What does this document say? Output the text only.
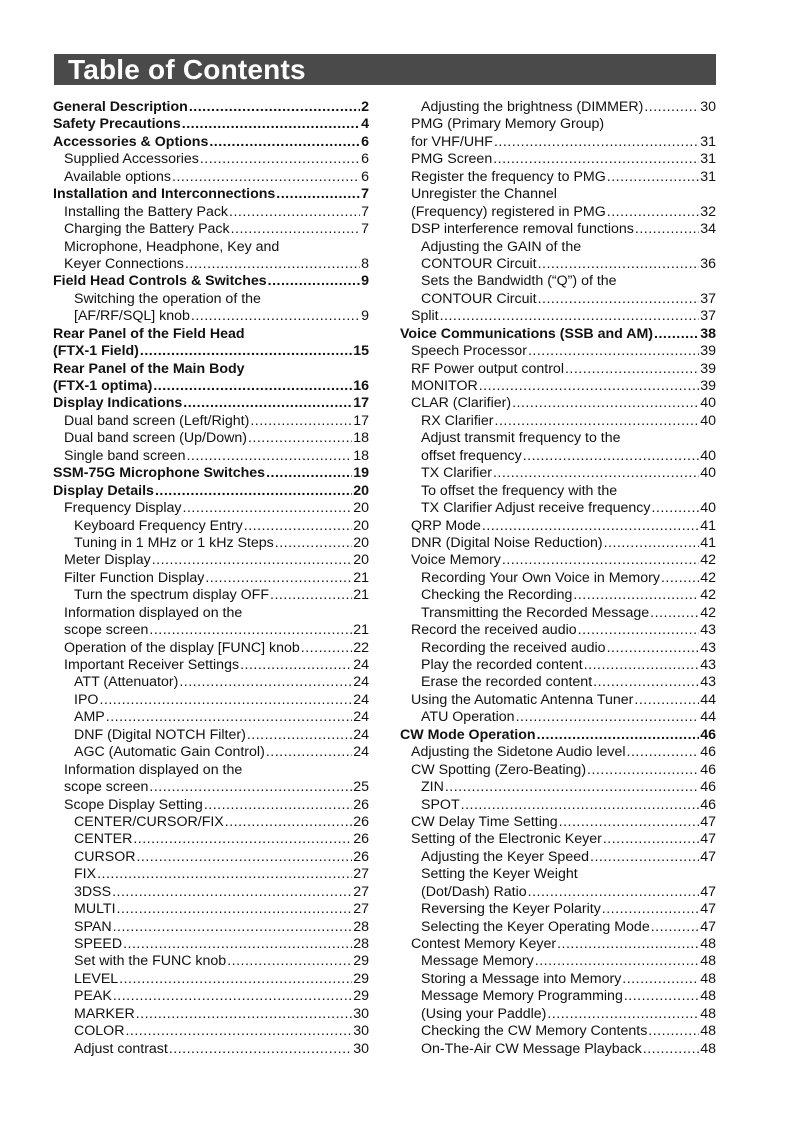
Table of Contents
General Description .....	2
Safety Precautions .....	4
Accessories & Options .....	6
Supplied Accessories .....	6
Available options .....	6
Installation and Interconnections .....	7
Installing the Battery Pack .....	7
Charging the Battery Pack .....	7
Microphone, Headphone, Key and
Keyer Connections .....	8
Field Head Controls & Switches .....	9
Switching the operation of the
[AF/RF/SQL] knob .....	9
Rear Panel of the Field Head
(FTX-1 Field) .....	15
Rear Panel of the Main Body
(FTX-1 optima) .....	16
Display Indications .....	17
Dual band screen (Left/Right) .....	17
Dual band screen (Up/Down) .....	18
Single band screen .....	18
SSM-75G Microphone Switches .....	19
Display Details .....	20
Frequency Display .....	20
Keyboard Frequency Entry .....	20
Tuning in 1 MHz or 1 kHz Steps .....	20
Meter Display .....	20
Filter Function Display .....	21
Turn the spectrum display OFF .....	21
Information displayed on the
scope screen .....	21
Operation of the display [FUNC] knob .....	22
Important Receiver Settings .....	24
ATT (Attenuator) .....	24
IPO .....	24
AMP .....	24
DNF (Digital NOTCH Filter) .....	24
AGC (Automatic Gain Control) .....	24
Information displayed on the
scope screen .....	25
Scope Display Setting .....	26
CENTER/CURSOR/FIX .....	26
CENTER .....	26
CURSOR .....	26
FIX .....	27
3DSS .....	27
MULTI .....	27
SPAN .....	28
SPEED .....	28
Set with the FUNC knob .....	29
LEVEL .....	29
PEAK .....	29
MARKER .....	30
COLOR .....	30
Adjust contrast .....	30
Adjusting the brightness (DIMMER) .....	30
PMG (Primary Memory Group)
for VHF/UHF .....	31
PMG Screen .....	31
Register the frequency to PMG .....	31
Unregister the Channel
(Frequency) registered in PMG .....	32
DSP interference removal functions .....	34
Adjusting the GAIN of the
CONTOUR Circuit .....	36
Sets the Bandwidth (“Q”) of the
CONTOUR Circuit .....	37
Split .....	37
Voice Communications (SSB and AM) .....	38
Speech Processor .....	39
RF Power output control .....	39
MONITOR .....	39
CLAR (Clarifier) .....	40
RX Clarifier .....	40
Adjust transmit frequency to the
offset frequency .....	40
TX Clarifier .....	40
To offset the frequency with the
TX Clarifier Adjust receive frequency .....	40
QRP Mode .....	41
DNR (Digital Noise Reduction) .....	41
Voice Memory .....	42
Recording Your Own Voice in Memory .....	42
Checking the Recording .....	42
Transmitting the Recorded Message .....	42
Record the received audio .....	43
Recording the received audio .....	43
Play the recorded content .....	43
Erase the recorded content .....	43
Using the Automatic Antenna Tuner .....	44
ATU Operation .....	44
CW Mode Operation .....	46
Adjusting the Sidetone Audio level .....	46
CW Spotting (Zero-Beating) .....	46
ZIN .....	46
SPOT .....	46
CW Delay Time Setting .....	47
Setting of the Electronic Keyer .....	47
Adjusting the Keyer Speed .....	47
Setting the Keyer Weight
(Dot/Dash) Ratio .....	47
Reversing the Keyer Polarity .....	47
Selecting the Keyer Operating Mode .....	47
Contest Memory Keyer .....	48
Message Memory .....	48
Storing a Message into Memory .....	48
Message Memory Programming .....	48
(Using your Paddle) .....	48
Checking the CW Memory Contents .....	48
On-The-Air CW Message Playback .....	48
